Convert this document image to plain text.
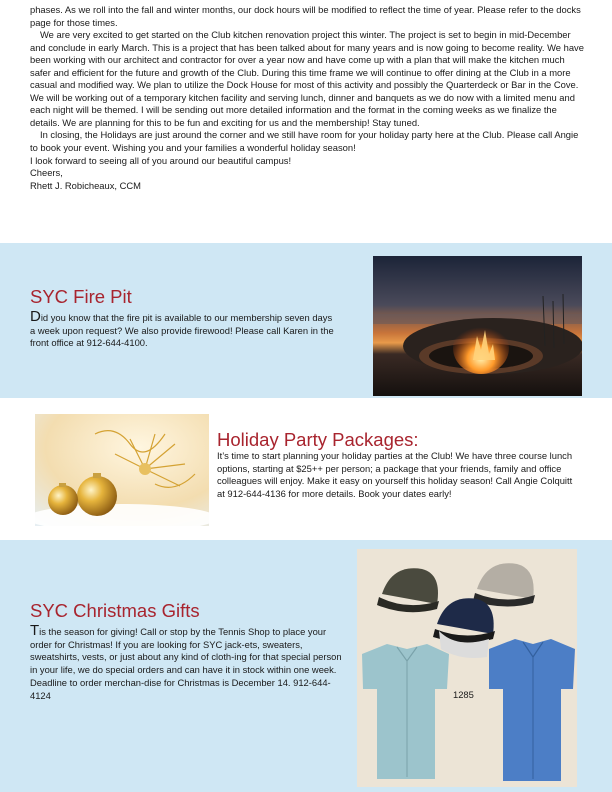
phases. As we roll into the fall and winter months, our dock hours will be modified to reflect the time of year. Please refer to the docks page for those times.

We are very excited to get started on the Club kitchen renovation project this winter. The project is set to begin in mid-December and conclude in early March. This is a project that has been talked about for many years and is now going to become reality. We have been working with our architect and contractor for over a year now and have come up with a plan that will make the kitchen much safer and efficient for the future and growth of the Club. During this time frame we will continue to offer dining at the Club in a more casual and modified way. We plan to utilize the Dock House for most of this activity and possibly the Quarterdeck or Bar in the Cove. We will be working out of a temporary kitchen facility and serving lunch, dinner and banquets as we do now with a limited menu and each night will be themed. I will be sending out more detailed information and the format in the coming weeks as we finalize the details. We are planning for this to be fun and exciting for us and the membership! Stay tuned.

In closing, the Holidays are just around the corner and we still have room for your holiday party here at the Club. Please call Angie to book your event. Wishing you and your families a wonderful holiday season!

I look forward to seeing all of you around our beautiful campus!

Cheers,

Rhett J. Robicheaux, CCM

SYC Fire Pit
Did you know that the fire pit is available to our membership seven days a week upon request? We also provide firewood! Please call Karen in the front office at 912-644-4100.
Holiday Party Packages:
It’s time to start planning your holiday parties at the Club! We have three course lunch options, starting at $25++ per person; a package that your friends, family and office colleagues will enjoy. Make it easy on yourself this holiday season! Call Angie Colquitt at 912-644-4136 for more details. Book your dates early!
SYC Christmas Gifts
Tis the season for giving! Call or stop by the Tennis Shop to place your order for Christmas! If you are looking for SYC jack-ets, sweaters, sweatshirts, vests, or just about any kind of cloth-ing for that special person in your life, we do special orders and can have it in stock within one week. Deadline to order merchan-dise for Christmas is December 14. 912-644-4124	1285
